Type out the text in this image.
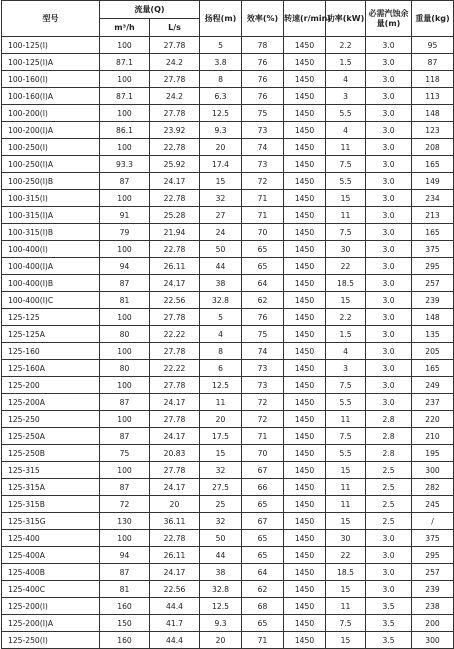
型号	流量(Q)		扬程(m)	效率(%)	转速(r/min)	功率(kW)	必需汽蚀余量(m)	重量(kg)
	m³/h	L/s						
100-125(I)	100	27.78	5	78	1450	2.2	3.0	95
100-125(I)A	87.1	24.2	3.8	76	1450	1.5	3.0	87
100-160(I)	100	27.78	8	76	1450	4	3.0	118
100-160(I)A	87.1	24.2	6.3	76	1450	3	3.0	113
100-200(I)	100	27.78	12.5	75	1450	5.5	3.0	148
100-200(I)A	86.1	23.92	9.3	73	1450	4	3.0	123
100-250(I)	100	22.78	20	74	1450	11	3.0	208
100-250(I)A	93.3	25.92	17.4	73	1450	7.5	3.0	165
100-250(I)B	87	24.17	15	72	1450	5.5	3.0	149
100-315(I)	100	22.78	32	71	1450	15	3.0	234
100-315(I)A	91	25.28	27	71	1450	11	3.0	213
100-315(I)B	79	21.94	24	70	1450	7.5	3.0	165
100-400(I)	100	22.78	50	65	1450	30	3.0	375
100-400(I)A	94	26.11	44	65	1450	22	3.0	295
100-400(I)B	87	24.17	38	64	1450	18.5	3.0	257
100-400(I)C	81	22.56	32.8	62	1450	15	3.0	239
125-125	100	27.78	5	76	1450	2.2	3.0	148
125-125A	80	22.22	4	75	1450	1.5	3.0	135
125-160	100	27.78	8	74	1450	4	3.0	205
125-160A	80	22.22	6	73	1450	3	3.0	165
125-200	100	27.78	12.5	73	1450	7.5	3.0	249
125-200A	87	24.17	11	72	1450	5.5	3.0	237
125-250	100	27.78	20	72	1450	11	2.8	220
125-250A	87	24.17	17.5	71	1450	7.5	2.8	210
125-250B	75	20.83	15	70	1450	5.5	2.8	195
125-315	100	27.78	32	67	1450	15	2.5	300
125-315A	87	24.17	27.5	66	1450	11	2.5	282
125-315B	72	20	25	65	1450	11	2.5	245
125-315G	130	36.11	32	67	1450	15	2.5	/
125-400	100	22.78	50	65	1450	30	3.0	375
125-400A	94	26.11	44	65	1450	22	3.0	295
125-400B	87	24.17	38	64	1450	18.5	3.0	257
125-400C	81	22.56	32.8	62	1450	15	3.0	239
125-200(I)	160	44.4	12.5	68	1450	11	3.5	238
125-200(I)A	150	41.7	9.3	65	1450	7.5	3.5	200
125-250(I)	160	44.4	20	71	1450	15	3.5	300
